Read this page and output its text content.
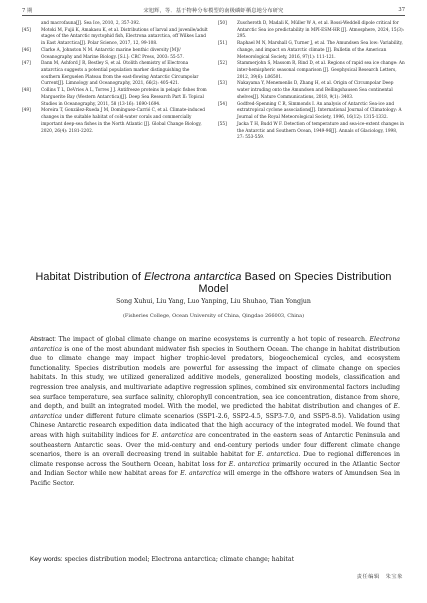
7 期	宋旭辉，等．基于物种分布模型的南极磷虾栖息地分布研究	37

and macrofauna[J]. Sea Ice, 2010, 2, 357-392.

[45] Motoki M, Fujii K, Amakasu K, et al. Distributions of larval and juvenile/adult stages of the Antarctic myctophid fish, Electrona antarctica, off Wilkes Land in East Antarctica[J]. Polar Science, 2017, 12, 99-108.

[46] Clarke A, Johnston N M. Antarctic marine benthic diversity [M]// Oceanography and Marine Biology. [S.l.]: CRC Press, 2003: 55-57.

[47] Dann M, Ashford J R, Bestley S, et al. Otolith chemistry of Electrona antarctica suggests a potential population marker distinguishing the southern Kerguelen Plateau from the east-flowing Antarctic Circumpolar Current[J]. Limnology and Oceanography, 2021, 66(2): 405-421.

[48] Collins T L, DeVries A L, Torres J J. Antifreeze proteins in pelagic fishes from Marguerite Bay (Western Antarctica)[J]. Deep Sea Research Part II: Topical Studies in Oceanography, 2011, 58 (13-16): 1690-1694.

[49] Moreira T, González-Rueda J M, Domínguez-Carrió C, et al. Climate-induced changes in the suitable habitat of cold-water corals and commercially important deep-sea fishes in the North Atlantic [J]. Global Change Biology, 2020, 26(4): 2181-2202.

[50] Zuscheroth D, Madali K, Müller W A, et al. Rossi-Weddell dipole critical for Antarctic Sea ice predictability in MPI-ESM-HR [J]. Atmosphere, 2024, 15(3): 295.

[51] Raphael M N, Marshall G, Turner J, et al. The Amundsen Sea low: Variability, change, and impact on Antarctic climate [J]. Bulletin of the American Meteorological Society, 2016, 97(1): 111-121.

[52] Stammerjohn S, Massom R, Rind D, et al. Regions of rapid sea ice change: An inter-hemispheric seasonal comparison [J]. Geophysical Research Letters, 2012, 39(6): L06501.

[53] Nakayama Y, Menemenlis D, Zhang H, et al. Origin of Circumpolar Deep water intruding onto the Amundsen and Bellingshausen Sea continental shelves[J]. Nature Communications, 2018, 9(1): 3403.

[54] Godfred-Spenning C R, Simmonds I. An analysis of Antarctic Sea-ice and extratropical cyclone associations[J]. International Journal of Climatology: A Journal of the Royal Meteorological Society, 1996, 16(12): 1315-1332.

[55] Jacka T H, Budd W F. Detection of temperature and sea-ice-extent changes in the Antarctic and Southern Ocean, 1949-96[J]. Annals of Glaciology, 1998, 27: 553-559.

Habitat Distribution of Electrona antarctica Based on Species Distribution Model
Song Xuhui, Liu Yang, Luo Yanping, Liu Shuhao, Tian Yongjun
(Fisheries College, Ocean University of China, Qingdao 266003, China)

Abstract: The impact of global climate change on marine ecosystems is currently a hot topic of research. Electrona antarctica is one of the most abundant midwater fish species in Southern Ocean. The change in habitat distribution due to climate change may impact higher trophic-level predators, biogeochemical cycles, and ecosystem functionality. Species distribution models are powerful for assessing the impact of climate change on species habitats. In this study, we utilized generalized additive models, generalized boosting models, classification and regression tree analysis, and multivariate adaptive regression splines, combined six environmental factors including sea surface temperature, sea surface salinity, chlorophyll concentration, sea ice concentration, distance from shore, and depth, and built an integrated model. With the model, we predicted the habitat distribution and changes of E. antarctica under different future climate scenarios (SSP1-2.6, SSP2-4.5, SSP3-7.0, and SSP5-8.5). Validation using Chinese Antarctic research expedition data indicated that the high accuracy of the integrated model. We found that areas with high suitability indices for E. antarctica are concentrated in the eastern seas of Antarctic Peninsula and southeastern Antarctic seas. Over the mid-century and end-century periods under four different climate change scenarios, there is an overall decreasing trend in suitable habitat for E. antarctica. Due to regional differences in climate response across the Southern Ocean, habitat loss for E. antarctica primarily occured in the Atlantic Sector and Indian Sector while new habitat areas for E. antarctica will emerge in the offshore waters of Amundsen Sea in Pacific Sector.

Key words: species distribution model; Electrona antarctica; climate change; habitat
责任编辑　朱宝象
